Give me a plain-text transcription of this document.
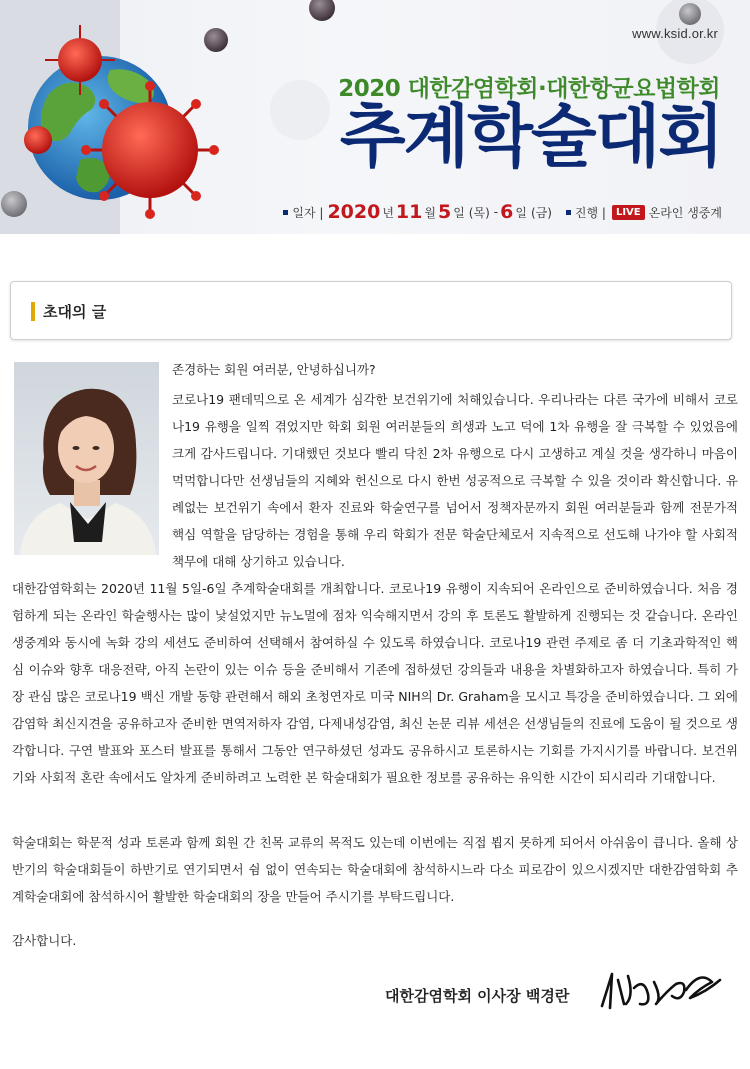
www.ksid.or.kr
2020 대한감염학회·대한항균요법학회
추계학술대회
일자 | 2020 년 11 월 5 일 (목) - 6 일 (금) 진행 |	LIVE 온라인 생중계
초대의 글

존경하는 회원 여러분, 안녕하십니까?

코로나19 팬데믹으로 온 세계가 심각한 보건위기에 처해있습니다. 우리나라는 다른 국가에 비해서 코로나19 유행을 일찍 겪었지만 학회 회원 여러분들의 희생과 노고 덕에 1차 유행을 잘 극복할 수 있었음에 크게 감사드립니다. 기대했던 것보다 빨리 닥친 2차 유행으로 다시 고생하고 계실 것을 생각하니 마음이 먹먹합니다만 선생님들의 지혜와 헌신으로 다시 한번 성공적으로 극복할 수 있을 것이라 확신합니다. 유례없는 보건위기 속에서 환자 진료와 학술연구를 넘어서 정책자문까지 회원 여러분들과 함께 전문가적 핵심 역할을 담당하는 경험을 통해 우리 학회가 전문 학술단체로서 지속적으로 선도해 나가야 할 사회적 책무에 대해 상기하고 있습니다.

대한감염학회는 2020년 11월 5일-6일 추계학술대회를 개최합니다. 코로나19 유행이 지속되어 온라인으로 준비하였습니다. 처음 경험하게 되는 온라인 학술행사는 많이 낯설었지만 뉴노멀에 점차 익숙해지면서 강의 후 토론도 활발하게 진행되는 것 같습니다. 온라인 생중계와 동시에 녹화 강의 세션도 준비하여 선택해서 참여하실 수 있도록 하였습니다. 코로나19 관련 주제로 좀 더 기초과학적인 핵심 이슈와 향후 대응전략, 아직 논란이 있는 이슈 등을 준비해서 기존에 접하셨던 강의들과 내용을 차별화하고자 하였습니다. 특히 가장 관심 많은 코로나19 백신 개발 동향 관련해서 해외 초청연자로 미국 NIH의 Dr. Graham을 모시고 특강을 준비하였습니다. 그 외에 감염학 최신지견을 공유하고자 준비한 면역저하자 감염, 다제내성감염, 최신 논문 리뷰 세션은 선생님들의 진료에 도움이 될 것으로 생각합니다. 구연 발표와 포스터 발표를 통해서 그동안 연구하셨던 성과도 공유하시고 토론하시는 기회를 가지시기를 바랍니다. 보건위기와 사회적 혼란 속에서도 알차게 준비하려고 노력한 본 학술대회가 필요한 정보를 공유하는 유익한 시간이 되시리라 기대합니다.

학술대회는 학문적 성과 토론과 함께 회원 간 친목 교류의 목적도 있는데 이번에는 직접 뵙지 못하게 되어서 아쉬움이 큽니다. 올해 상반기의 학술대회들이 하반기로 연기되면서 쉼 없이 연속되는 학술대회에 참석하시느라 다소 피로감이 있으시겠지만 대한감염학회 추계학술대회에 참석하시어 활발한 학술대회의 장을 만들어 주시기를 부탁드립니다.

감사합니다.

대한감염학회 이사장 백경란
